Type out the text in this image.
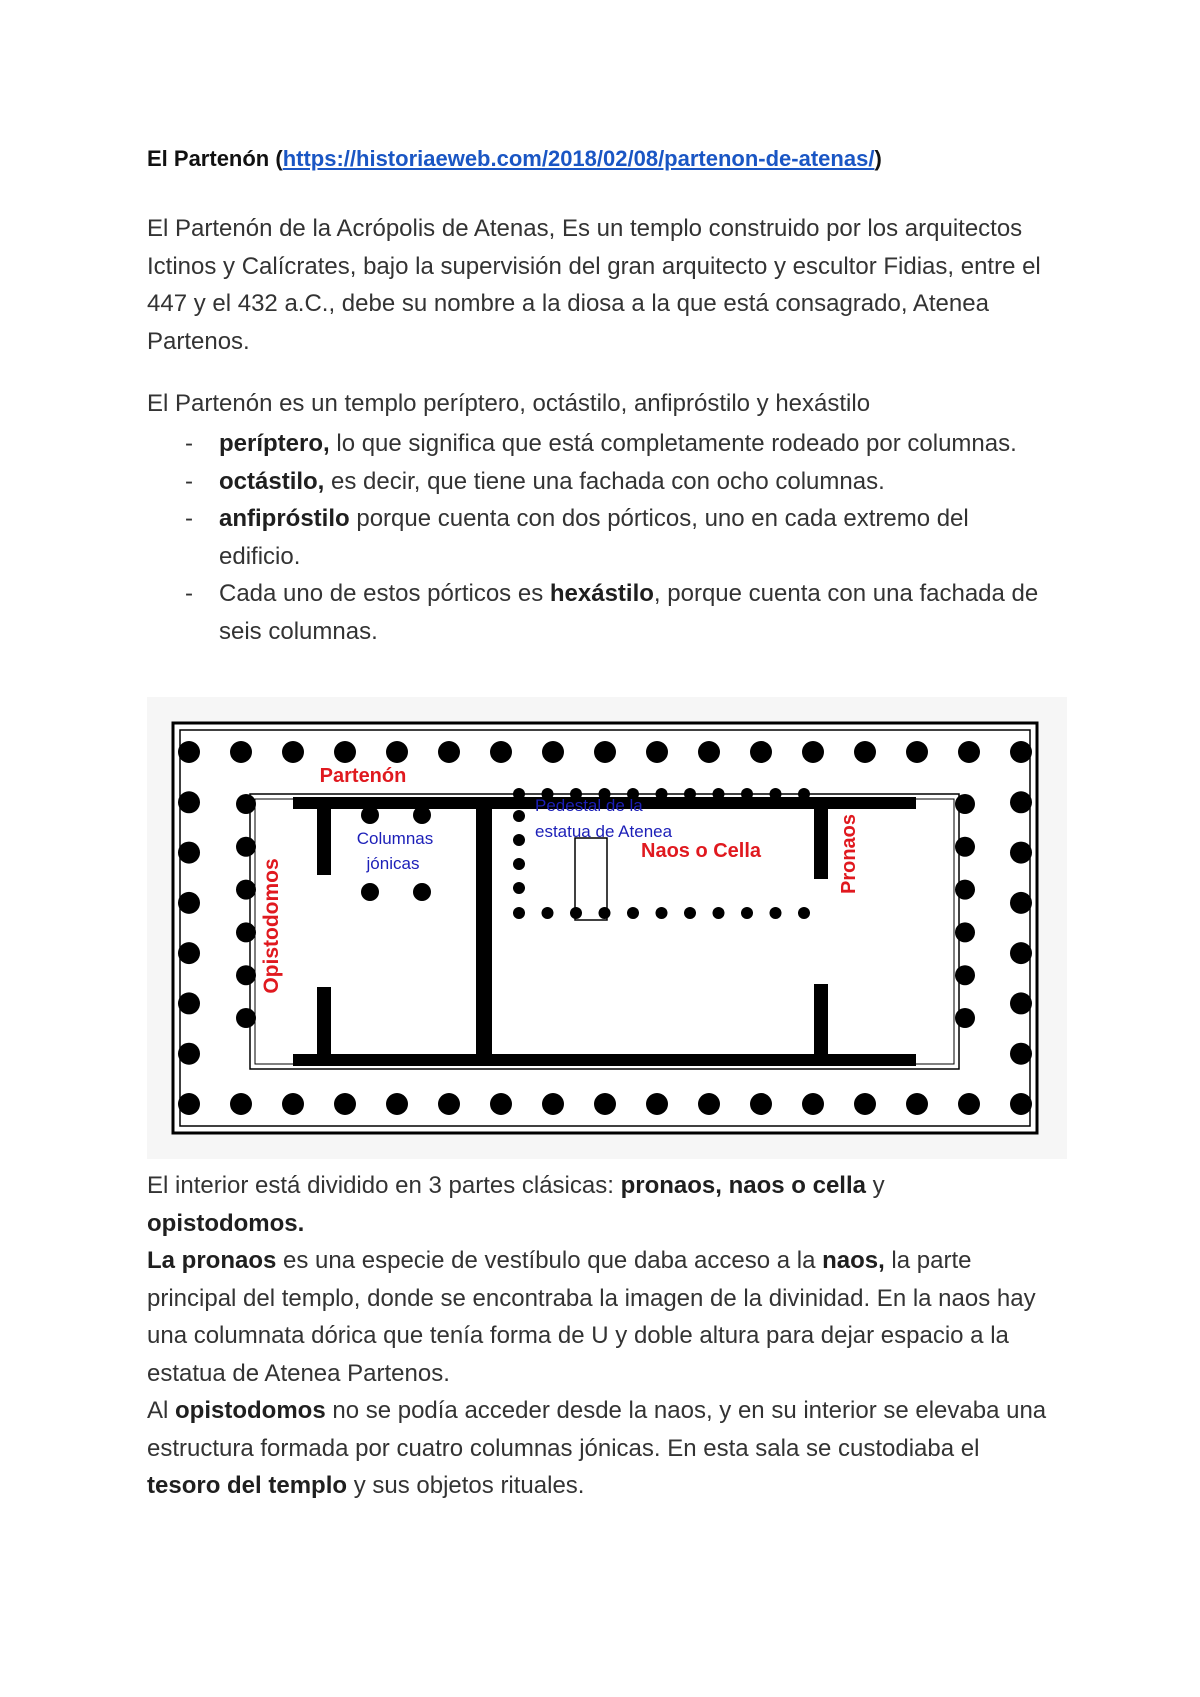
El Partenón (https://historiaeweb.com/2018/02/08/partenon-de-atenas/)
El Partenón de la Acrópolis de Atenas, Es un templo construido por los arquitectos Ictinos y Calícrates, bajo la supervisión del gran arquitecto y escultor Fidias, entre el 447 y el 432 a.C., debe su nombre a la diosa a la que está consagrado, Atenea Partenos.
El Partenón es un templo períptero, octástilo, anfipróstilo y hexástilo
- períptero, lo que significa que está completamente rodeado por columnas.
- octástilo, es decir, que tiene una fachada con ocho columnas.
- anfipróstilo porque cuenta con dos pórticos, uno en cada extremo del edificio.
- Cada uno de estos pórticos es hexástilo, porque cuenta con una fachada de seis columnas.
El interior está dividido en 3 partes clásicas: pronaos, naos o cella y opistodomos.
La pronaos es una especie de vestíbulo que daba acceso a la naos, la parte principal del templo, donde se encontraba la imagen de la divinidad. En la naos hay una columnata dórica que tenía forma de U y doble altura para dejar espacio a la estatua de Atenea Partenos.
Al opistodomos no se podía acceder desde la naos, y en su interior se elevaba una estructura formada por cuatro columnas jónicas. En esta sala se custodiaba el tesoro del templo y sus objetos rituales.
Partenón
Columnas
jónicas
Opistodomos
Pedestal de la
estatua de Atenea
Naos o Cella	Pronaos
